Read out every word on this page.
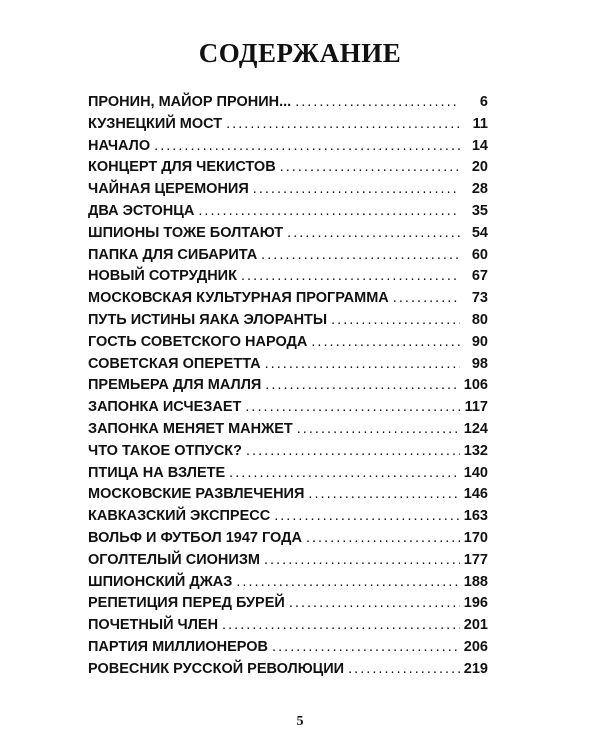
СОДЕРЖАНИЕ
ПРОНИН, МАЙОР ПРОНИН... . . .	6
КУЗНЕЦКИЙ МОСТ . . .	11
НАЧАЛО . . .	14
КОНЦЕРТ ДЛЯ ЧЕКИСТОВ . . .	20
ЧАЙНАЯ ЦЕРЕМОНИЯ . . .	28
ДВА ЭСТОНЦА . . .	35
ШПИОНЫ ТОЖЕ БОЛТАЮТ . . .	54
ПАПКА ДЛЯ СИБАРИТА . . .	60
НОВЫЙ СОТРУДНИК . . .	67
МОСКОВСКАЯ КУЛЬТУРНАЯ ПРОГРАММА . . .	73
ПУТЬ ИСТИНЫ ЯАКА ЭЛОРАНТЫ . . .	80
ГОСТЬ СОВЕТСКОГО НАРОДА . . .	90
СОВЕТСКАЯ ОПЕРЕТТА . . .	98
ПРЕМЬЕРА ДЛЯ МАЛЛЯ . . .	106
ЗАПОНКА ИСЧЕЗАЕТ . . .	117
ЗАПОНКА МЕНЯЕТ МАНЖЕТ . . .	124
ЧТО ТАКОЕ ОТПУСК? . . .	132
ПТИЦА НА ВЗЛЕТЕ . . .	140
МОСКОВСКИЕ РАЗВЛЕЧЕНИЯ . . .	146
КАВКАЗСКИЙ ЭКСПРЕСС . . .	163
ВОЛЬФ И ФУТБОЛ 1947 ГОДА . . .	170
ОГОЛТЕЛЫЙ СИОНИЗМ . . .	177
ШПИОНСКИЙ ДЖАЗ . . .	188
РЕПЕТИЦИЯ ПЕРЕД БУРЕЙ . . .	196
ПОЧЕТНЫЙ ЧЛЕН . . .	201
ПАРТИЯ МИЛЛИОНЕРОВ . . .	206
РОВЕСНИК РУССКОЙ РЕВОЛЮЦИИ . . .	219
5
